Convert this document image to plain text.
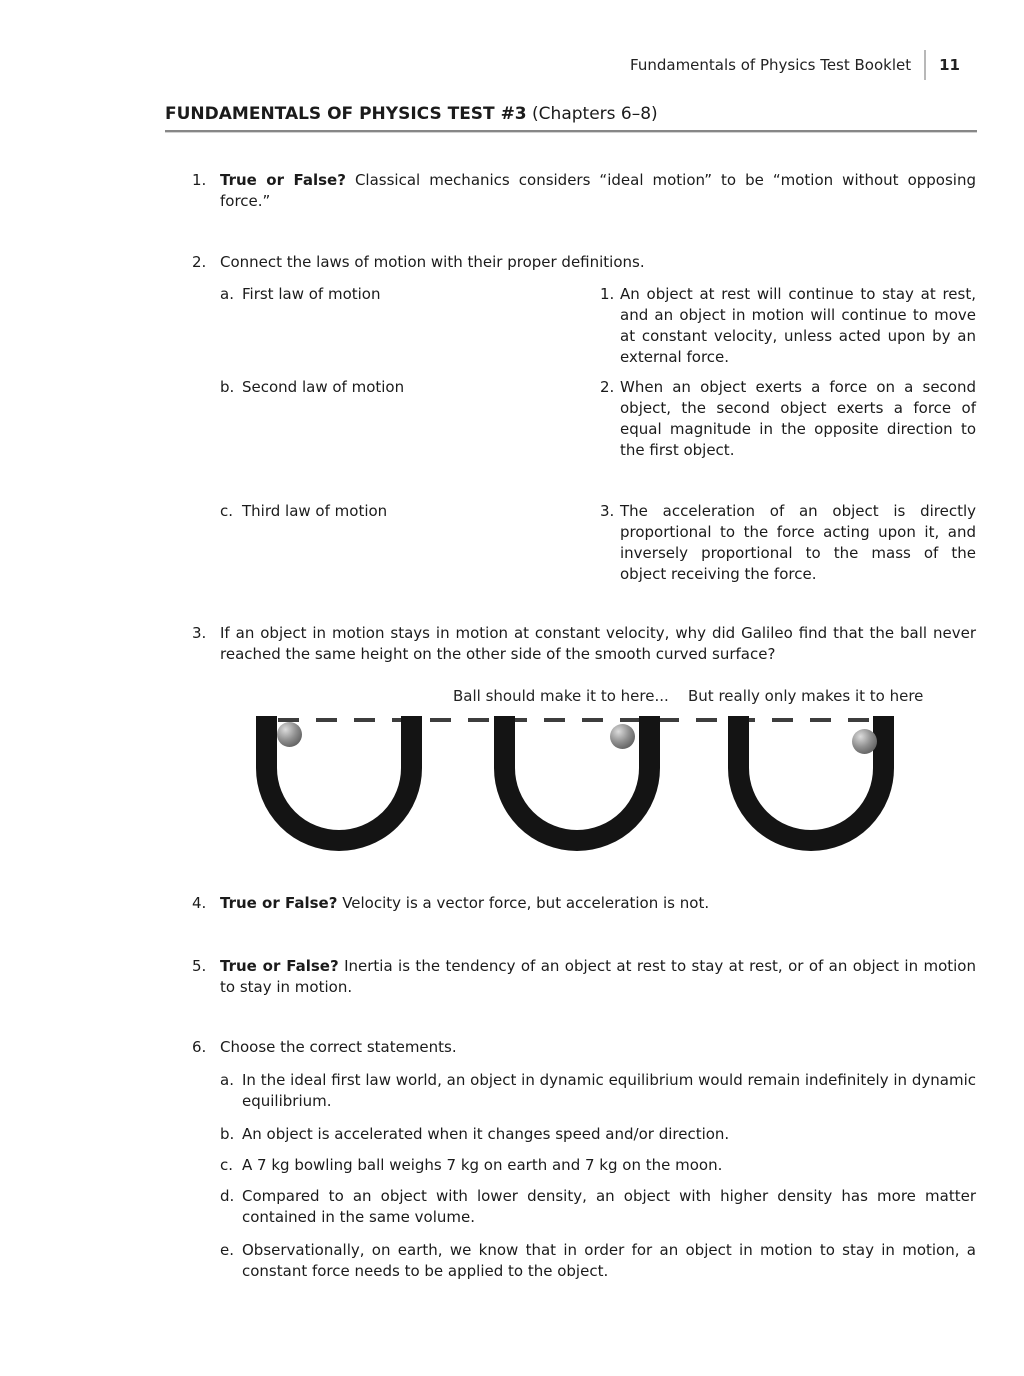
Fundamentals of Physics Test Booklet 11
FUNDAMENTALS OF PHYSICS TEST #3 (Chapters 6–8)
1. True or False? Classical mechanics considers “ideal motion” to be “motion without opposing force.”
2. Connect the laws of motion with their proper definitions.
a. First law of motion	1. An object at rest will continue to stay at rest, and an object in motion will continue to move at constant velocity, unless acted upon by an external force.
b. Second law of motion	2. When an object exerts a force on a second object, the second object exerts a force of equal magnitude in the opposite direction to the first object.
c. Third law of motion	3. The acceleration of an object is directly proportional to the force acting upon it, and inversely proportional to the mass of the object receiving the force.
3. If an object in motion stays in motion at constant velocity, why did Galileo find that the ball never reached the same height on the other side of the smooth curved surface?
Ball should make it to here... But really only makes it to here
4. True or False? Velocity is a vector force, but acceleration is not.
5. True or False? Inertia is the tendency of an object at rest to stay at rest, or of an object in motion to stay in motion.
6. Choose the correct statements.
a. In the ideal first law world, an object in dynamic equilibrium would remain indefinitely in dynamic equilibrium.
b. An object is accelerated when it changes speed and/or direction.
c. A 7 kg bowling ball weighs 7 kg on earth and 7 kg on the moon.
d. Compared to an object with lower density, an object with higher density has more matter contained in the same volume.
e. Observationally, on earth, we know that in order for an object in motion to stay in motion, a constant force needs to be applied to the object.
